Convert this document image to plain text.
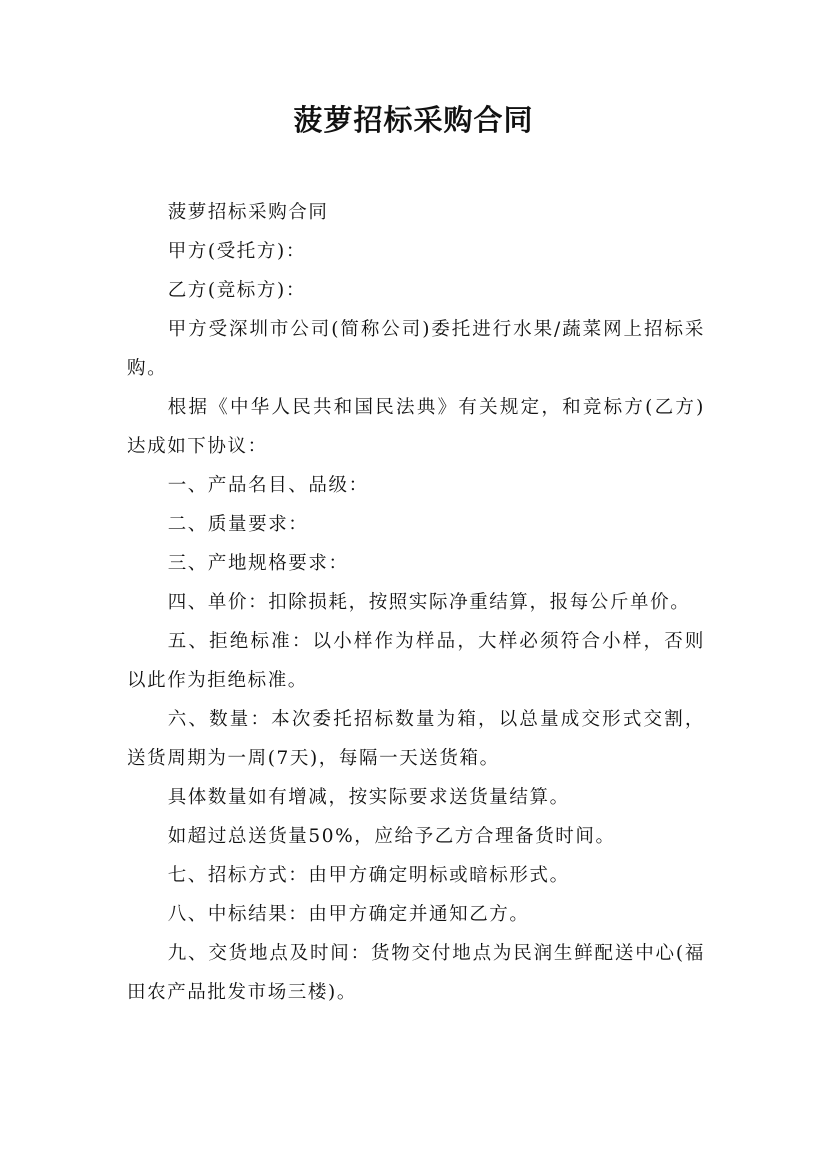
菠萝招标采购合同

菠萝招标采购合同

甲方(受托方)：

乙方(竞标方)：

甲方受深圳市公司(简称公司)委托进行水果/蔬菜网上招标采购。

根据《中华人民共和国民法典》有关规定，和竞标方(乙方)达成如下协议：

一、产品名目、品级：

二、质量要求：

三、产地规格要求：

四、单价：扣除损耗，按照实际净重结算，报每公斤单价。

五、拒绝标准：以小样作为样品，大样必须符合小样，否则以此作为拒绝标准。

六、数量：本次委托招标数量为箱，以总量成交形式交割，送货周期为一周(7天)，每隔一天送货箱。

具体数量如有增减，按实际要求送货量结算。

如超过总送货量50%，应给予乙方合理备货时间。

七、招标方式：由甲方确定明标或暗标形式。

八、中标结果：由甲方确定并通知乙方。

九、交货地点及时间：货物交付地点为民润生鲜配送中心(福田农产品批发市场三楼)。
